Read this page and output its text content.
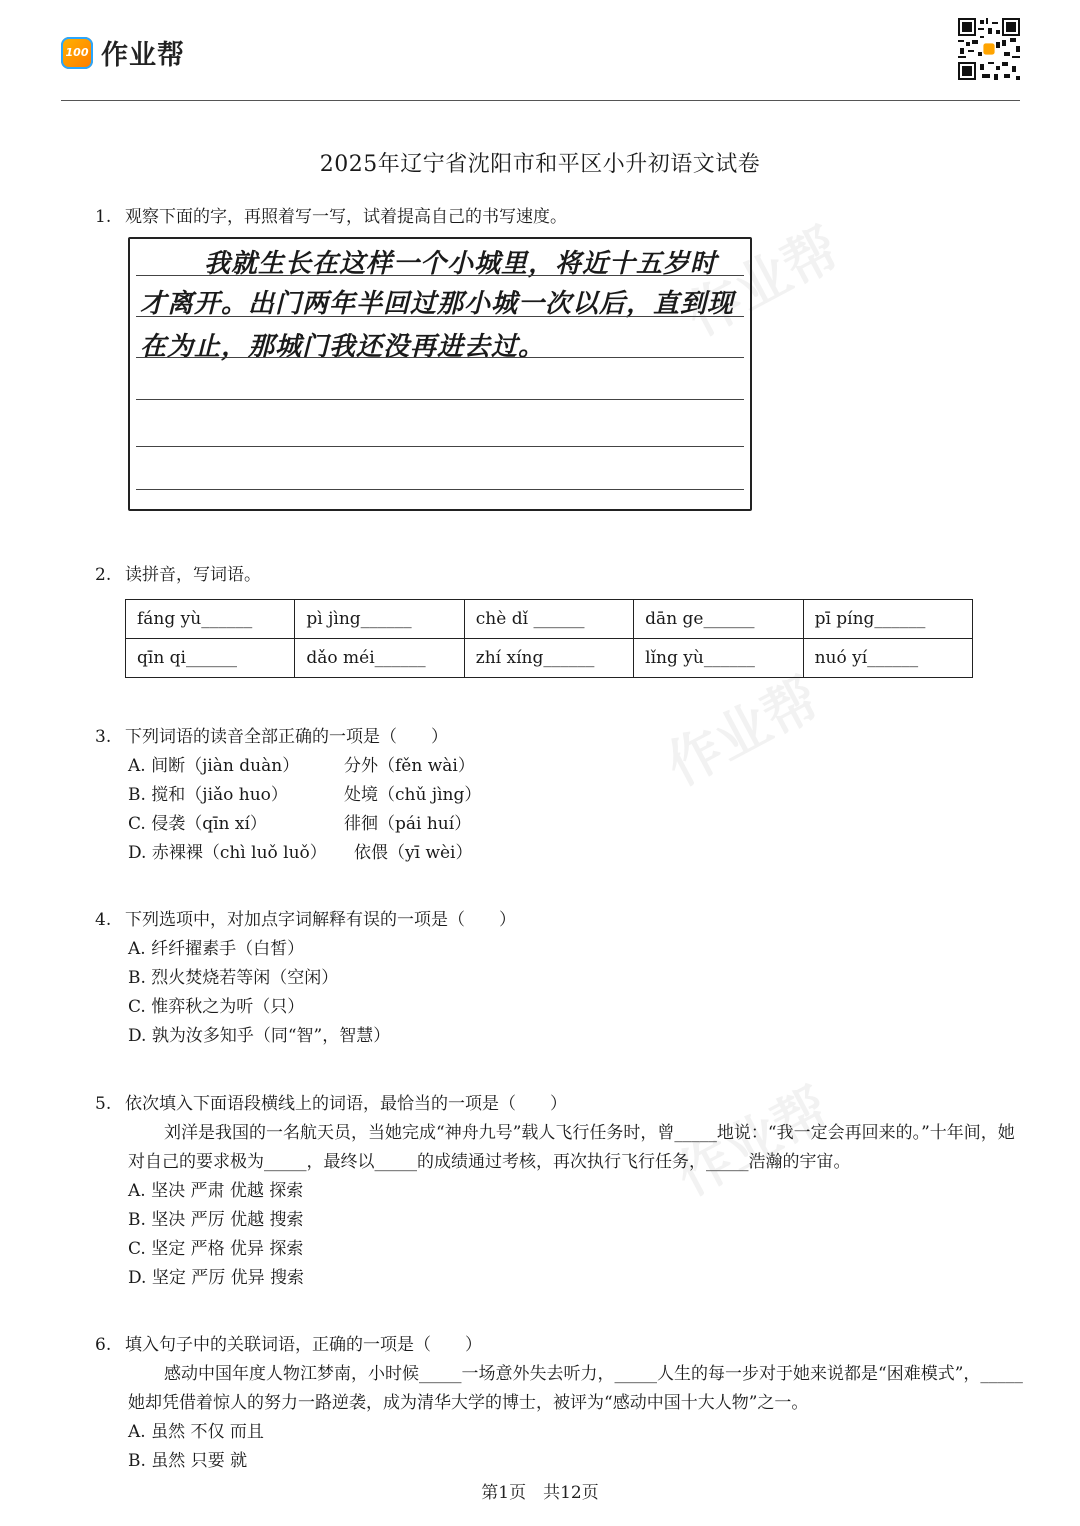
100 作业帮
作业帮
作业帮
作业帮
2025年辽宁省沈阳市和平区小升初语文试卷
1. 观察下面的字，再照着写一写，试着提高自己的书写速度。
我就生长在这样一个小城里，将近十五岁时
才离开。出门两年半回过那小城一次以后，直到现
在为止，那城门我还没再进去过。
2. 读拼音，写词语。
fáng yù______	pì jìng______	chè dǐ ______	dān ge______	pī píng______
qīn qi______	dǎo méi______	zhí xíng______	lǐng yù______	nuó yí______
3. 下列词语的读音全部正确的一项是（　　）
A. 间断（jiàn duàn）	分外（fěn wài）
B. 搅和（jiǎo huo）	处境（chǔ jìng）
C. 侵袭（qīn xí）	徘徊（pái huí）
D. 赤裸裸（chì luǒ luǒ）	依偎（yī wèi）
4. 下列选项中，对加点字词解释有误的一项是（　　）
A. 纤纤擢素手（白皙）
B. 烈火焚烧若等闲（空闲）
C. 惟弈秋之为听（只）
D. 孰为汝多知乎（同“智”，智慧）
5. 依次填入下面语段横线上的词语，最恰当的一项是（　　）
刘洋是我国的一名航天员，当她完成“神舟九号”载人飞行任务时，曾_____地说：“我一定会再回来的。”十年间，她对自己的要求极为_____，最终以_____的成绩通过考核，再次执行飞行任务，_____浩瀚的宇宙。
A. 坚决 严肃 优越 探索
B. 坚决 严厉 优越 搜索
C. 坚定 严格 优异 探索
D. 坚定 严厉 优异 搜索
6. 填入句子中的关联词语，正确的一项是（　　）
感动中国年度人物江梦南，小时候_____一场意外失去听力，_____人生的每一步对于她来说都是“困难模式”，_____她却凭借着惊人的努力一路逆袭，成为清华大学的博士，被评为“感动中国十大人物”之一。
A. 虽然 不仅 而且
B. 虽然 只要 就
第1页　共12页
